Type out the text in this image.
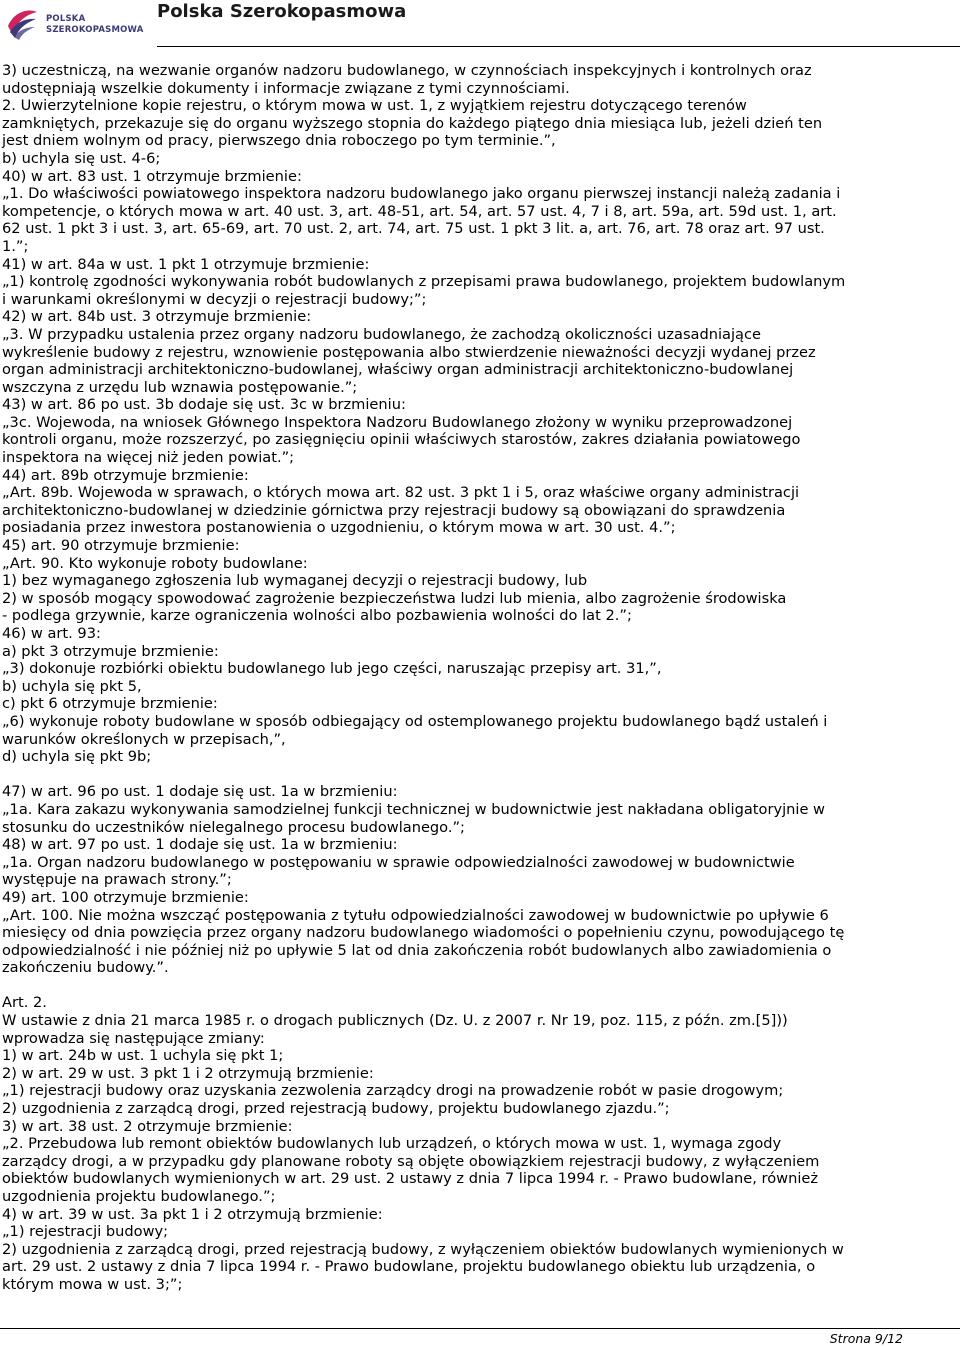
POLSKA
SZEROKOPASMOWA
Polska Szerokopasmowa
3) uczestniczą, na wezwanie organów nadzoru budowlanego, w czynnościach inspekcyjnych i kontrolnych oraz
udostępniają wszelkie dokumenty i informacje związane z tymi czynnościami.
2. Uwierzytelnione kopie rejestru, o którym mowa w ust. 1, z wyjątkiem rejestru dotyczącego terenów
zamkniętych, przekazuje się do organu wyższego stopnia do każdego piątego dnia miesiąca lub, jeżeli dzień ten
jest dniem wolnym od pracy, pierwszego dnia roboczego po tym terminie.”,
b) uchyla się ust. 4-6;
40) w art. 83 ust. 1 otrzymuje brzmienie:
„1. Do właściwości powiatowego inspektora nadzoru budowlanego jako organu pierwszej instancji należą zadania i
kompetencje, o których mowa w art. 40 ust. 3, art. 48-51, art. 54, art. 57 ust. 4, 7 i 8, art. 59a, art. 59d ust. 1, art.
62 ust. 1 pkt 3 i ust. 3, art. 65-69, art. 70 ust. 2, art. 74, art. 75 ust. 1 pkt 3 lit. a, art. 76, art. 78 oraz art. 97 ust.
1.”;
41) w art. 84a w ust. 1 pkt 1 otrzymuje brzmienie:
„1) kontrolę zgodności wykonywania robót budowlanych z przepisami prawa budowlanego, projektem budowlanym
i warunkami określonymi w decyzji o rejestracji budowy;”;
42) w art. 84b ust. 3 otrzymuje brzmienie:
„3. W przypadku ustalenia przez organy nadzoru budowlanego, że zachodzą okoliczności uzasadniające
wykreślenie budowy z rejestru, wznowienie postępowania albo stwierdzenie nieważności decyzji wydanej przez
organ administracji architektoniczno-budowlanej, właściwy organ administracji architektoniczno-budowlanej
wszczyna z urzędu lub wznawia postępowanie.”;
43) w art. 86 po ust. 3b dodaje się ust. 3c w brzmieniu:
„3c. Wojewoda, na wniosek Głównego Inspektora Nadzoru Budowlanego złożony w wyniku przeprowadzonej
kontroli organu, może rozszerzyć, po zasięgnięciu opinii właściwych starostów, zakres działania powiatowego
inspektora na więcej niż jeden powiat.”;
44) art. 89b otrzymuje brzmienie:
„Art. 89b. Wojewoda w sprawach, o których mowa art. 82 ust. 3 pkt 1 i 5, oraz właściwe organy administracji
architektoniczno-budowlanej w dziedzinie górnictwa przy rejestracji budowy są obowiązani do sprawdzenia
posiadania przez inwestora postanowienia o uzgodnieniu, o którym mowa w art. 30 ust. 4.”;
45) art. 90 otrzymuje brzmienie:
„Art. 90. Kto wykonuje roboty budowlane:
1) bez wymaganego zgłoszenia lub wymaganej decyzji o rejestracji budowy, lub
2) w sposób mogący spowodować zagrożenie bezpieczeństwa ludzi lub mienia, albo zagrożenie środowiska
- podlega grzywnie, karze ograniczenia wolności albo pozbawienia wolności do lat 2.”;
46) w art. 93:
a) pkt 3 otrzymuje brzmienie:
„3) dokonuje rozbiórki obiektu budowlanego lub jego części, naruszając przepisy art. 31,”,
b) uchyla się pkt 5,
c) pkt 6 otrzymuje brzmienie:
„6) wykonuje roboty budowlane w sposób odbiegający od ostemplowanego projektu budowlanego bądź ustaleń i
warunków określonych w przepisach,”,
d) uchyla się pkt 9b;
47) w art. 96 po ust. 1 dodaje się ust. 1a w brzmieniu:
„1a. Kara zakazu wykonywania samodzielnej funkcji technicznej w budownictwie jest nakładana obligatoryjnie w
stosunku do uczestników nielegalnego procesu budowlanego.”;
48) w art. 97 po ust. 1 dodaje się ust. 1a w brzmieniu:
„1a. Organ nadzoru budowlanego w postępowaniu w sprawie odpowiedzialności zawodowej w budownictwie
występuje na prawach strony.”;
49) art. 100 otrzymuje brzmienie:
„Art. 100. Nie można wszcząć postępowania z tytułu odpowiedzialności zawodowej w budownictwie po upływie 6
miesięcy od dnia powzięcia przez organy nadzoru budowlanego wiadomości o popełnieniu czynu, powodującego tę
odpowiedzialność i nie później niż po upływie 5 lat od dnia zakończenia robót budowlanych albo zawiadomienia o
zakończeniu budowy.”.
Art. 2.
W ustawie z dnia 21 marca 1985 r. o drogach publicznych (Dz. U. z 2007 r. Nr 19, poz. 115, z późn. zm.[5]))
wprowadza się następujące zmiany:
1) w art. 24b w ust. 1 uchyla się pkt 1;
2) w art. 29 w ust. 3 pkt 1 i 2 otrzymują brzmienie:
„1) rejestracji budowy oraz uzyskania zezwolenia zarządcy drogi na prowadzenie robót w pasie drogowym;
2) uzgodnienia z zarządcą drogi, przed rejestracją budowy, projektu budowlanego zjazdu.”;
3) w art. 38 ust. 2 otrzymuje brzmienie:
„2. Przebudowa lub remont obiektów budowlanych lub urządzeń, o których mowa w ust. 1, wymaga zgody
zarządcy drogi, a w przypadku gdy planowane roboty są objęte obowiązkiem rejestracji budowy, z wyłączeniem
obiektów budowlanych wymienionych w art. 29 ust. 2 ustawy z dnia 7 lipca 1994 r. - Prawo budowlane, również
uzgodnienia projektu budowlanego.”;
4) w art. 39 w ust. 3a pkt 1 i 2 otrzymują brzmienie:
„1) rejestracji budowy;
2) uzgodnienia z zarządcą drogi, przed rejestracją budowy, z wyłączeniem obiektów budowlanych wymienionych w
art. 29 ust. 2 ustawy z dnia 7 lipca 1994 r. - Prawo budowlane, projektu budowlanego obiektu lub urządzenia, o
którym mowa w ust. 3;”;
Strona 9/12
